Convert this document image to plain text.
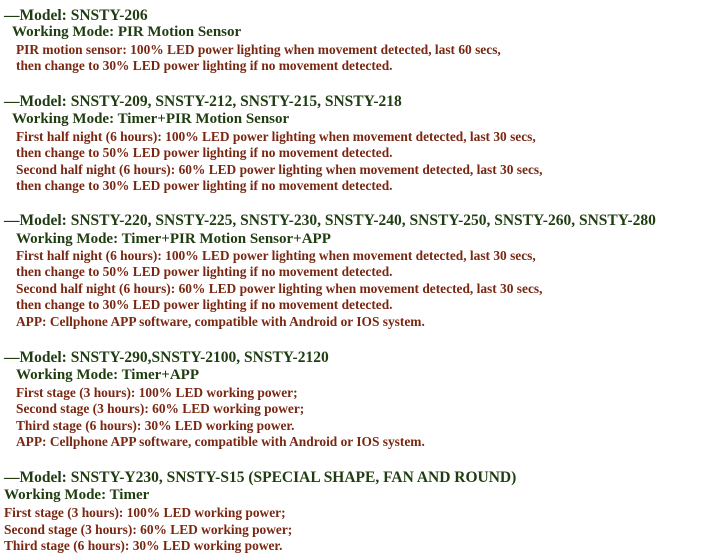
—Model: SNSTY-206
Working Mode: PIR Motion Sensor
PIR motion sensor: 100% LED power lighting when movement detected, last 60 secs,
then change to 30% LED power lighting if no movement detected.
—Model: SNSTY-209, SNSTY-212, SNSTY-215, SNSTY-218
Working Mode: Timer+PIR Motion Sensor
First half night (6 hours): 100% LED power lighting when movement detected, last 30 secs,
then change to 50% LED power lighting if no movement detected.
Second half night (6 hours): 60% LED power lighting when movement detected, last 30 secs,
then change to 30% LED power lighting if no movement detected.
—Model: SNSTY-220, SNSTY-225, SNSTY-230, SNSTY-240, SNSTY-250, SNSTY-260, SNSTY-280
Working Mode: Timer+PIR Motion Sensor+APP
First half night (6 hours): 100% LED power lighting when movement detected, last 30 secs,
then change to 50% LED power lighting if no movement detected.
Second half night (6 hours): 60% LED power lighting when movement detected, last 30 secs,
then change to 30% LED power lighting if no movement detected.
APP: Cellphone APP software, compatible with Android or IOS system.
—Model: SNSTY-290,SNSTY-2100, SNSTY-2120
Working Mode: Timer+APP
First stage (3 hours): 100% LED working power;
Second stage (3 hours): 60% LED working power;
Third stage (6 hours): 30% LED working power.
APP: Cellphone APP software, compatible with Android or IOS system.
—Model: SNSTY-Y230, SNSTY-S15 (SPECIAL SHAPE, FAN AND ROUND)
Working Mode: Timer
First stage (3 hours): 100% LED working power;
Second stage (3 hours): 60% LED working power;
Third stage (6 hours): 30% LED working power.
